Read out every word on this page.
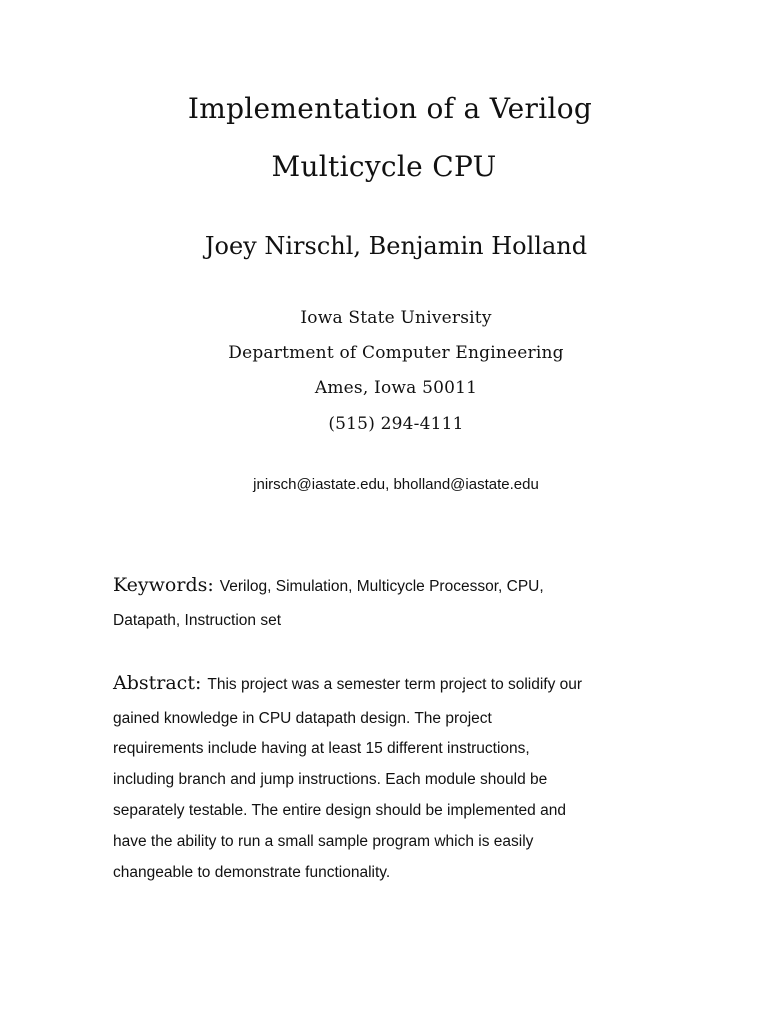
Implementation of a Verilog
Multicycle CPU
Joey Nirschl, Benjamin Holland
Iowa State University
Department of Computer Engineering
Ames, Iowa 50011
(515) 294-4111
jnirsch@iastate.edu, bholland@iastate.edu
Keywords: Verilog, Simulation, Multicycle Processor, CPU,
Datapath, Instruction set
Abstract: This project was a semester term project to solidify our
gained knowledge in CPU datapath design. The project
requirements include having at least 15 different instructions,
including branch and jump instructions. Each module should be
separately testable. The entire design should be implemented and
have the ability to run a small sample program which is easily
changeable to demonstrate functionality.
